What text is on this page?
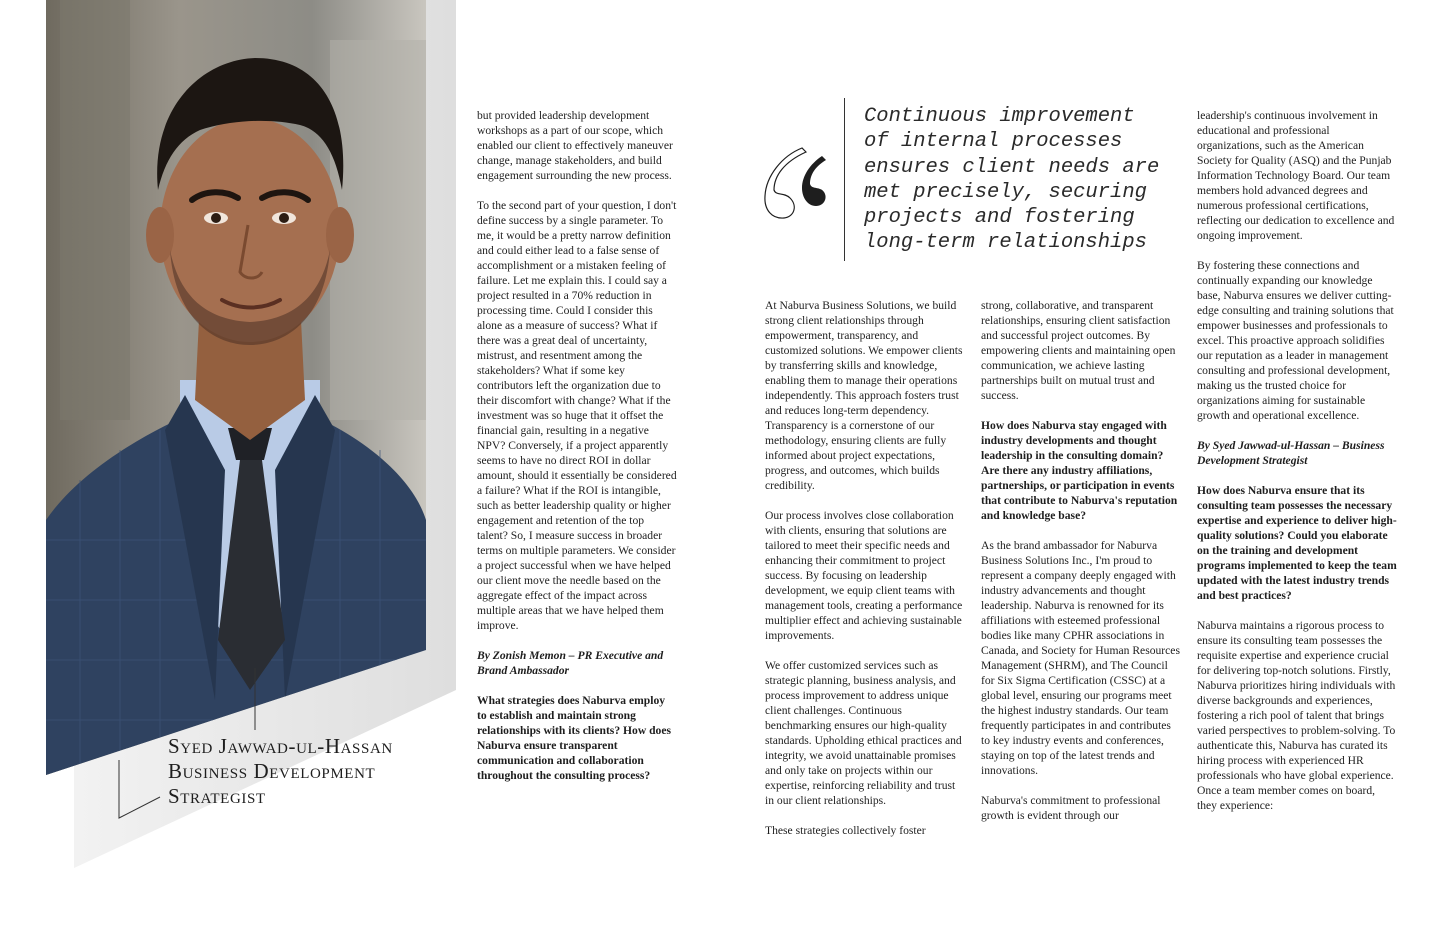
Syed Jawwad-ul-Hassan
Business Development
Strategist

but provided leadership development workshops as a part of our scope, which enabled our client to effectively maneuver change, manage stakeholders, and build engagement surrounding the new process.

To the second part of your question, I don't define success by a single parameter. To me, it would be a pretty narrow definition and could either lead to a false sense of accomplishment or a mistaken feeling of failure. Let me explain this. I could say a project resulted in a 70% reduction in processing time. Could I consider this alone as a measure of success? What if there was a great deal of uncertainty, mistrust, and resentment among the stakeholders? What if some key contributors left the organization due to their discomfort with change? What if the investment was so huge that it offset the financial gain, resulting in a negative NPV? Conversely, if a project apparently seems to have no direct ROI in dollar amount, should it essentially be considered a failure? What if the ROI is intangible, such as better leadership quality or higher engagement and retention of the top talent? So, I measure success in broader terms on multiple parameters. We consider a project successful when we have helped our client move the needle based on the aggregate effect of the impact across multiple areas that we have helped them improve.

By Zonish Memon – PR Executive and Brand Ambassador

What strategies does Naburva employ to establish and maintain strong relationships with its clients? How does Naburva ensure transparent communication and collaboration throughout the consulting process?

Continuous improvement
of internal processes
ensures client needs are
met precisely, securing
projects and fostering
long-term relationships

At Naburva Business Solutions, we build strong client relationships through empowerment, transparency, and customized solutions. We empower clients by transferring skills and knowledge, enabling them to manage their operations independently. This approach fosters trust and reduces long-term dependency. Transparency is a cornerstone of our methodology, ensuring clients are fully informed about project expectations, progress, and outcomes, which builds credibility.

Our process involves close collaboration with clients, ensuring that solutions are tailored to meet their specific needs and enhancing their commitment to project success. By focusing on leadership development, we equip client teams with management tools, creating a performance multiplier effect and achieving sustainable improvements.

We offer customized services such as strategic planning, business analysis, and process improvement to address unique client challenges. Continuous benchmarking ensures our high-quality standards. Upholding ethical practices and integrity, we avoid unattainable promises and only take on projects within our expertise, reinforcing reliability and trust in our client relationships.

These strategies collectively foster

strong, collaborative, and transparent relationships, ensuring client satisfaction and successful project outcomes. By empowering clients and maintaining open communication, we achieve lasting partnerships built on mutual trust and success.

How does Naburva stay engaged with industry developments and thought leadership in the consulting domain? Are there any industry affiliations, partnerships, or participation in events that contribute to Naburva's reputation and knowledge base?

As the brand ambassador for Naburva Business Solutions Inc., I'm proud to represent a company deeply engaged with industry advancements and thought leadership. Naburva is renowned for its affiliations with esteemed professional bodies like many CPHR associations in Canada, and Society for Human Resources Management (SHRM), and The Council for Six Sigma Certification (CSSC) at a global level, ensuring our programs meet the highest industry standards. Our team frequently participates in and contributes to key industry events and conferences, staying on top of the latest trends and innovations.

Naburva's commitment to professional growth is evident through our

leadership's continuous involvement in educational and professional organizations, such as the American Society for Quality (ASQ) and the Punjab Information Technology Board. Our team members hold advanced degrees and numerous professional certifications, reflecting our dedication to excellence and ongoing improvement.

By fostering these connections and continually expanding our knowledge base, Naburva ensures we deliver cutting-edge consulting and training solutions that empower businesses and professionals to excel. This proactive approach solidifies our reputation as a leader in management consulting and professional development, making us the trusted choice for organizations aiming for sustainable growth and operational excellence.

By Syed Jawwad-ul-Hassan – Business Development Strategist

How does Naburva ensure that its consulting team possesses the necessary expertise and experience to deliver high-quality solutions? Could you elaborate on the training and development programs implemented to keep the team updated with the latest industry trends and best practices?

Naburva maintains a rigorous process to ensure its consulting team possesses the requisite expertise and experience crucial for delivering top-notch solutions. Firstly, Naburva prioritizes hiring individuals with diverse backgrounds and experiences, fostering a rich pool of talent that brings varied perspectives to problem-solving. To authenticate this, Naburva has curated its hiring process with experienced HR professionals who have global experience. Once a team member comes on board, they experience:
